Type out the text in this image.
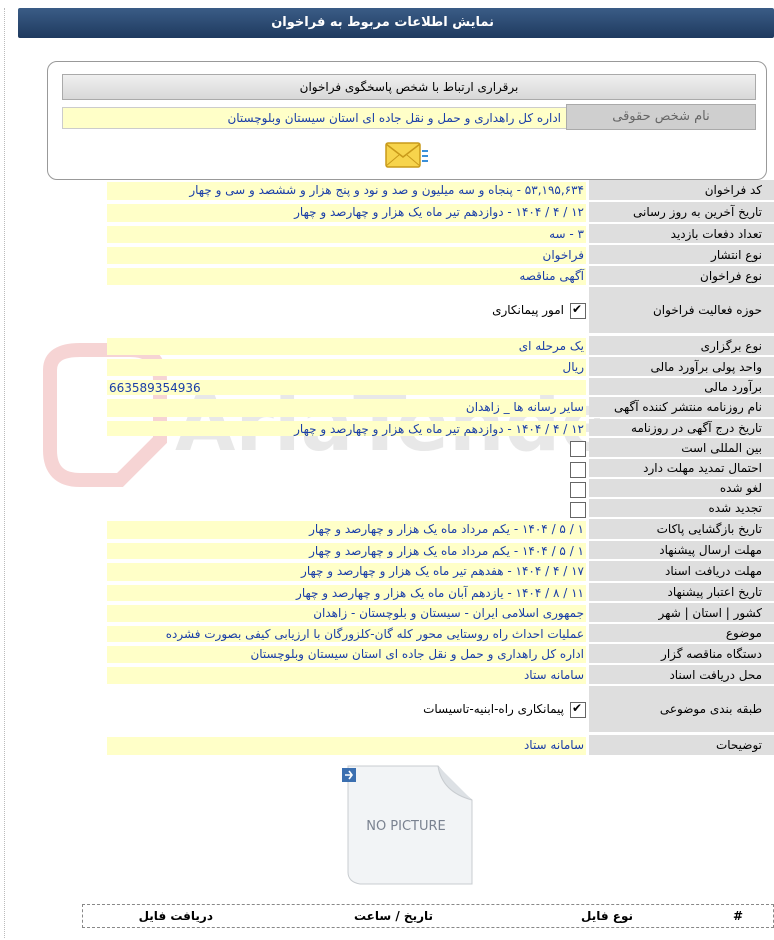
نمایش اطلاعات مربوط به فراخوان
برقراری ارتباط با شخص پاسخگوی فراخوان
اداره کل راهداری و حمل و نقل جاده ای استان سیستان وبلوچستان	نام شخص حقوقی
کد فراخوان
۵۳,۱۹۵,۶۳۴ - پنجاه و سه میلیون و صد و نود و پنج هزار و ششصد و سی و چهار
تاریخ آخرین به روز رسانی
۱۲ / ۴ / ۱۴۰۴ - دوازدهم تیر ماه یک هزار و چهارصد و چهار
تعداد دفعات بازدید
۳ - سه
نوع انتشار
فراخوان
نوع فراخوان
آگهی مناقصه
حوزه فعالیت فراخوان
✔
امور پیمانکاری
نوع برگزاری
یک مرحله ای
واحد پولی برآورد مالی
ریال
برآورد مالی
663589354936
نام روزنامه منتشر کننده آگهی
سایر رسانه ها _ زاهدان
تاریخ درج آگهی در روزنامه
۱۲ / ۴ / ۱۴۰۴ - دوازدهم تیر ماه یک هزار و چهارصد و چهار
بین المللی است
احتمال تمدید مهلت دارد
لغو شده
تجدید شده
تاریخ بازگشایی پاکات
۱ / ۵ / ۱۴۰۴ - یکم مرداد ماه یک هزار و چهارصد و چهار
مهلت ارسال پیشنهاد
۱ / ۵ / ۱۴۰۴ - یکم مرداد ماه یک هزار و چهارصد و چهار
مهلت دریافت اسناد
۱۷ / ۴ / ۱۴۰۴ - هفدهم تیر ماه یک هزار و چهارصد و چهار
تاریخ اعتبار پیشنهاد
۱۱ / ۸ / ۱۴۰۴ - یازدهم آبان ماه یک هزار و چهارصد و چهار
کشور | استان | شهر
جمهوری اسلامی ایران - سیستان و بلوچستان - زاهدان
موضوع
عملیات احداث راه روستایی محور کله گان-کلزورگان با ارزیابی کیفی بصورت فشرده
دستگاه مناقصه گزار
اداره کل راهداری و حمل و نقل جاده ای استان سیستان وبلوچستان
محل دریافت اسناد
سامانه ستاد
طبقه بندی موضوعی
✔
پیمانکاری راه-ابنیه-تاسیسات
توضیحات
سامانه ستاد
NO PICTURE
#
نوع فایل
تاریخ / ساعت
دریافت فایل
